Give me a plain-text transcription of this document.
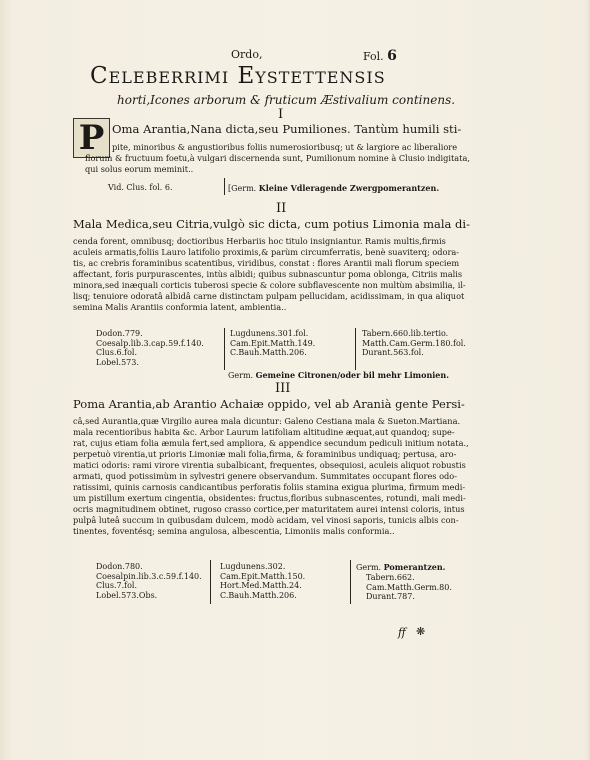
Ordo,	Fol. 6
Celeberrimi Eystettensis
horti,Icones arborum & fruticum Æstivalium continens.
I
P Oma Arantia,Nana dicta,seu Pumiliones. Tantùm humili sti-
pite, minoribus & angustioribus foliis numerosioribusq; ut & largiore ac liberaliore
florum & fructuum foetu,à vulgari discernenda sunt, Pumilionum nomine à Clusio indigitata,
qui solus eorum meminit..
Vid. Clus. fol. 6.	[Germ. Kleine Vdleragende Zwergpomerantzen.
II
Mala Medica,seu Citria,vulgò sic dicta, cum potius Limonia mala di-
cenda forent, omnibusq; doctioribus Herbariis hoc titulo insigniantur. Ramis multis,firmis
aculeis armatis,foliis Lauro latifolio proximis,& parùm circumferratis, benè suaviterq; odora-
tis, ac crebris foraminibus scatentibus, viridibus, constat : flores Arantii mali florum speciem
affectant, foris purpurascentes, intùs albidi; quibus subnascuntur poma oblonga, Citriis malis
minora,sed inæquali corticis tuberosi specie & colore subflavescente non multùm absimilia, il-
lisq; tenuiore odoratâ albidâ carne distinctam pulpam pellucidam, acidissimam, in qua aliquot
semina Malis Arantiis conformia latent, ambientia..
Dodon.779.
Coesalp.lib.3.cap.59.f.140.
Clus.6.fol.
Lobel.573.
Lugdunens.301.fol.
Cam.Epit.Matth.149.
C.Bauh.Matth.206.
Tabern.660.lib.tertio.
Matth.Cam.Germ.180.fol.
Durant.563.fol.
Germ. Gemeine Citronen/oder bil mehr Limonien.
III
Poma Arantia,ab Arantio Achaiæ oppido, vel ab Aranià gente Persi-
câ,sed Aurantia,quæ Virgilio aurea mala dicuntur: Galeno Cestiana mala & Sueton.Martiana.
mala recentioribus habita &c. Arbor Laurum latifoliam altitudine æquat,aut quandoq; supe-
rat, cujus etiam folia æmula fert,sed ampliora, & appendice secundum pediculi initium notata.,
perpetuò virentia,ut prioris Limoniæ mali folia,firma, & foraminibus undiquaq; pertusa, aro-
matici odoris: rami virore virentia subalbicant, frequentes, obsequiosi, aculeis aliquot robustis
armati, quod potissimùm in sylvestri genere observandum. Summitates occupant flores odo-
ratissimi, quinis carnosis candicantibus perforatis foliis stamina exigua plurima, firmum medi-
um pistillum exertum cingentia, obsidentes: fructus,floribus subnascentes, rotundi, mali medi-
ocris magnitudinem obtinet, rugoso crasso cortice,per maturitatem aurei intensi coloris, intus
pulpâ luteâ succum in quibusdam dulcem, modò acidam, vel vinosi saporis, tunicis albis con-
tinentes, foventésq; semina angulosa, albescentia, Limoniis malis conformia..
Dodon.780.
Coesalpin.lib.3.c.59.f.140.
Clus.7.fol.
Lobel.573.Obs.
Lugdunens.302.
Cam.Epit.Matth.150.
Hort.Med.Matth.24.
C.Bauh.Matth.206.
Germ. Pomerantzen.
Tabern.662.
Cam.Matth.Germ.80.
Durant.787.
ff ❋
